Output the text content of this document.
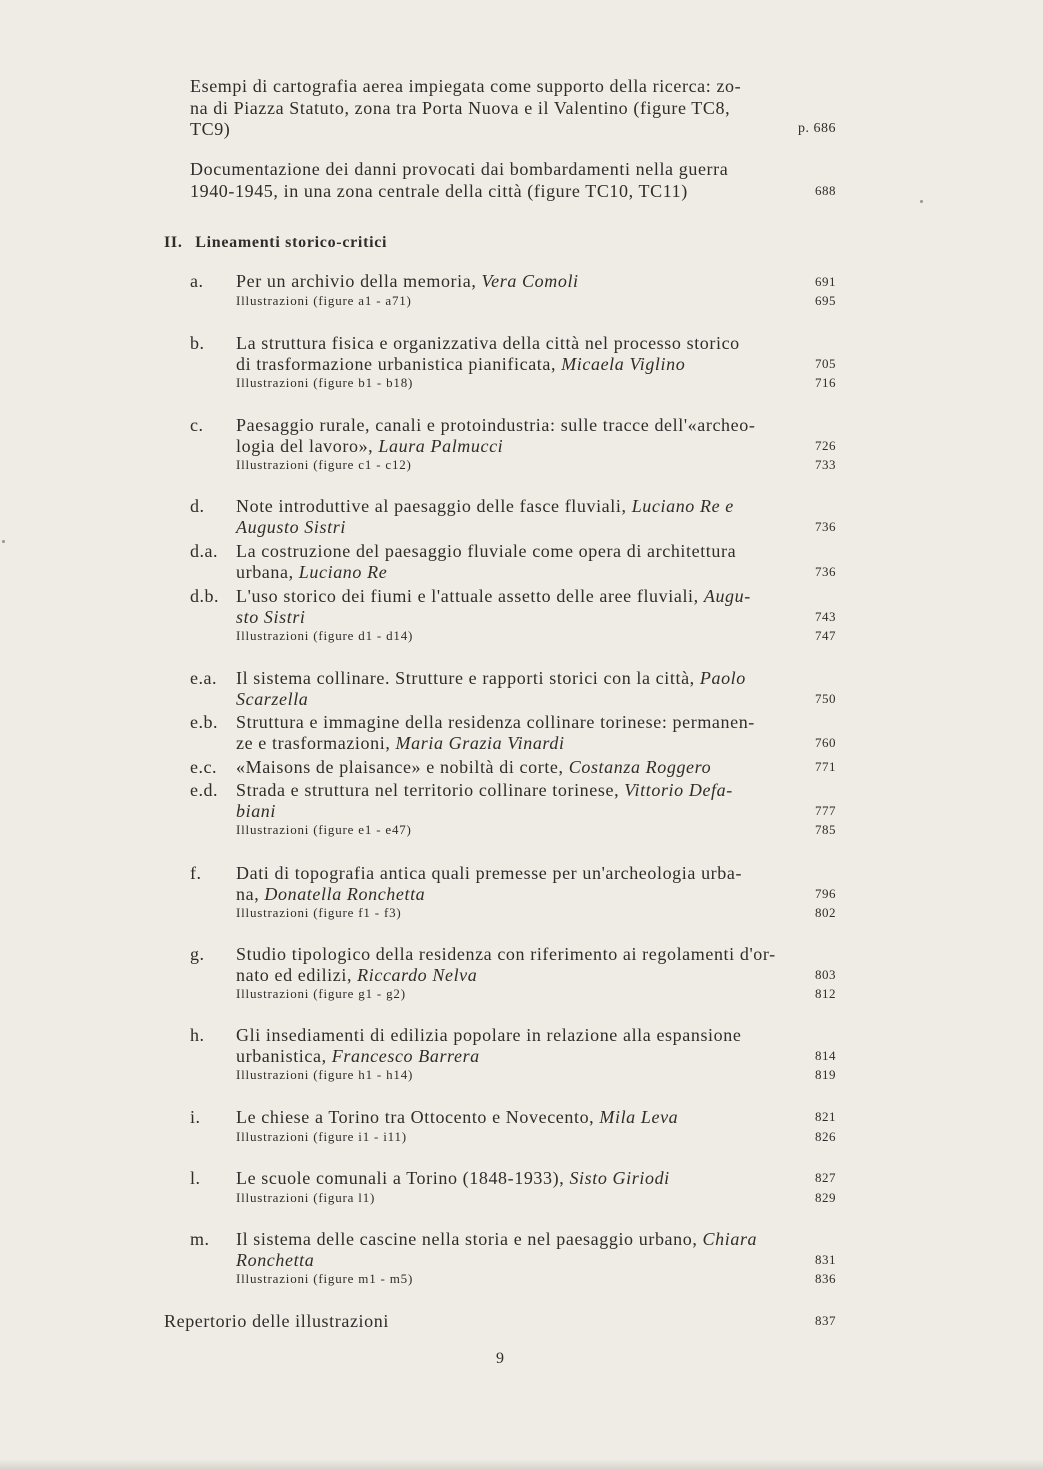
Esempi di cartografia aerea impiegata come supporto della ricerca: zo-
na di Piazza Statuto, zona tra Porta Nuova e il Valentino (figure TC8,
TC9)	p. 686
Documentazione dei danni provocati dai bombardamenti nella guerra
1940-1945, in una zona centrale della città (figure TC10, TC11)	688
II. Lineamenti storico-critici
a. Per un archivio della memoria, Vera Comoli	691
Illustrazioni (figure a1 - a71)	695
b. La struttura fisica e organizzativa della città nel processo storico
di trasformazione urbanistica pianificata, Micaela Viglino	705
Illustrazioni (figure b1 - b18)	716
c. Paesaggio rurale, canali e protoindustria: sulle tracce dell'«archeo-
logia del lavoro», Laura Palmucci	726
Illustrazioni (figure c1 - c12)	733
d. Note introduttive al paesaggio delle fasce fluviali, Luciano Re e
Augusto Sistri	736
d.a. La costruzione del paesaggio fluviale come opera di architettura
urbana, Luciano Re	736
d.b. L'uso storico dei fiumi e l'attuale assetto delle aree fluviali, Augu-
sto Sistri	743
Illustrazioni (figure d1 - d14)	747
e.a. Il sistema collinare. Strutture e rapporti storici con la città, Paolo
Scarzella	750
e.b. Struttura e immagine della residenza collinare torinese: permanen-
ze e trasformazioni, Maria Grazia Vinardi	760
e.c. «Maisons de plaisance» e nobiltà di corte, Costanza Roggero	771
e.d. Strada e struttura nel territorio collinare torinese, Vittorio Defa-
biani	777
Illustrazioni (figure e1 - e47)	785
f. Dati di topografia antica quali premesse per un'archeologia urba-
na, Donatella Ronchetta	796
Illustrazioni (figure f1 - f3)	802
g. Studio tipologico della residenza con riferimento ai regolamenti d'or-
nato ed edilizi, Riccardo Nelva	803
Illustrazioni (figure g1 - g2)	812
h. Gli insediamenti di edilizia popolare in relazione alla espansione
urbanistica, Francesco Barrera	814
Illustrazioni (figure h1 - h14)	819
i. Le chiese a Torino tra Ottocento e Novecento, Mila Leva	821
Illustrazioni (figure i1 - i11)	826
l. Le scuole comunali a Torino (1848-1933), Sisto Giriodi	827
Illustrazioni (figura l1)	829
m. Il sistema delle cascine nella storia e nel paesaggio urbano, Chiara
Ronchetta	831
Illustrazioni (figure m1 - m5)	836
Repertorio delle illustrazioni	837
9
